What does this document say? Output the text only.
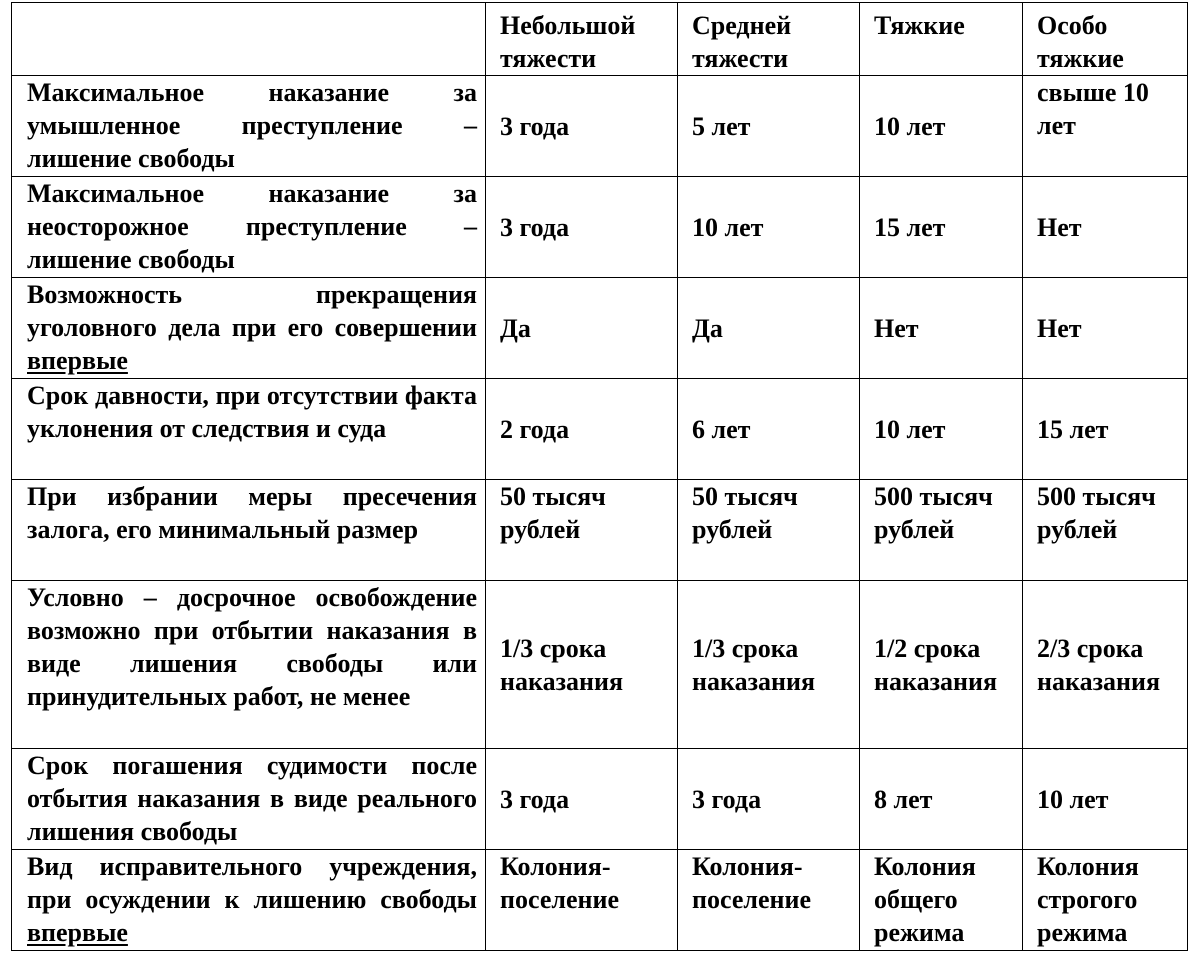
	Небольшой тяжести	Средней тяжести	Тяжкие	Особо тяжкие
Максимальное наказание за умышленное преступление – лишение свободы	3 года	5 лет	10 лет	свыше 10 лет
Максимальное наказание за неосторожное преступление – лишение свободы	3 года	10 лет	15 лет	Нет
Возможность прекращения уголовного дела при его совершении впервые	Да	Да	Нет	Нет
Срок давности, при отсутствии факта уклонения от следствия и суда	2 года	6 лет	10 лет	15 лет
При избрании меры пресечения залога, его минимальный размер	50 тысяч рублей	50 тысяч рублей	500 тысяч рублей	500 тысяч рублей
Условно – досрочное освобождение возможно при отбытии наказания в виде лишения свободы или принудительных работ, не менее	1/3 срока наказания	1/3 срока наказания	1/2 срока наказания	2/3 срока наказания
Срок погашения судимости после отбытия наказания в виде реального лишения свободы	3 года	3 года	8 лет	10 лет
Вид исправительного учреждения, при осуждении к лишению свободы впервые	Колония-поселение	Колония-поселение	Колония общего режима	Колония строгого режима
